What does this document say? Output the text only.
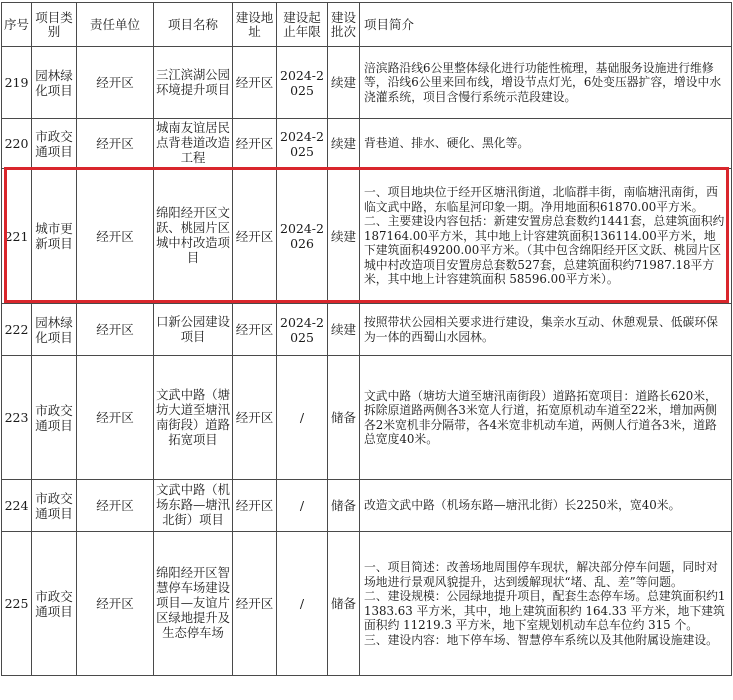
序号	项目类别	责任单位	项目名称	建设地址	建设起止年限	建设批次	项目简介
219	园林绿化项目	经开区	三江滨湖公园环境提升项目	经开区	2024-2025	续建	涪滨路沿线6公里整体绿化进行功能性梳理，基础服务设施进行维修等，沿线6公里来回布线，增设节点灯光，6处变压器扩容，增设中水浇灌系统，项目含慢行系统示范段建设。
220	市政交通项目	经开区	城南友谊居民点背巷道改造工程	经开区	2024-2025	续建	背巷道、排水、硬化、黑化等。
221	城市更新项目	经开区	绵阳经开区文跃、桃园片区城中村改造项目	经开区	2024-2026	续建	一、项目地块位于经开区塘汛街道，北临群丰街，南临塘汛南街，西临文武中路，东临星河印象一期。净用地面积61870.00平方米。
二、主要建设内容包括：新建安置房总套数约1441套，总建筑面积约187164.00平方米，其中地上计容建筑面积136114.00平方米，地下建筑面积49200.00平方米。（其中包含绵阳经开区文跃、桃园片区城中村改造项目安置房总套数527套，总建筑面积约71987.18平方米，其中地上计容建筑面积 58596.00平方米）。
222	园林绿化项目	经开区	口新公园建设项目	经开区	2024-2025	续建	按照带状公园相关要求进行建设，集亲水互动、休憩观景、低碳环保为一体的西蜀山水园林。
223	市政交通项目	经开区	文武中路（塘坊大道至塘汛南街段）道路拓宽项目	经开区	/	储备	文武中路（塘坊大道至塘汛南街段）道路拓宽项目：道路长620米，拆除原道路两侧各3米宽人行道，拓宽原机动车道至22米，增加两侧各2米宽机非分隔带，各4米宽非机动车道，两侧人行道各3米，道路总宽度40米。
224	市政交通项目	经开区	文武中路（机场东路—塘汛北街）项目	经开区	/	储备	改造文武中路（机场东路—塘汛北街）长2250米，宽40米。
225	市政交通项目	经开区	绵阳经开区智慧停车场建设项目—友谊片区绿地提升及生态停车场	经开区	/	储备	一、项目简述：改善场地周围停车现状，解决部分停车问题，同时对场地进行景观风貌提升，达到缓解现状“堵、乱、差”等问题。
二、建设规模：公园绿地提升项目，配套生态停车场。总建筑面积约11383.63 平方米，其中，地上建筑面积约 164.33 平方米，地下建筑面积约 11219.3 平方米，地下室规划机动车总车位约 315 个。
三、建设内容：地下停车场、智慧停车系统以及其他附属设施建设。
